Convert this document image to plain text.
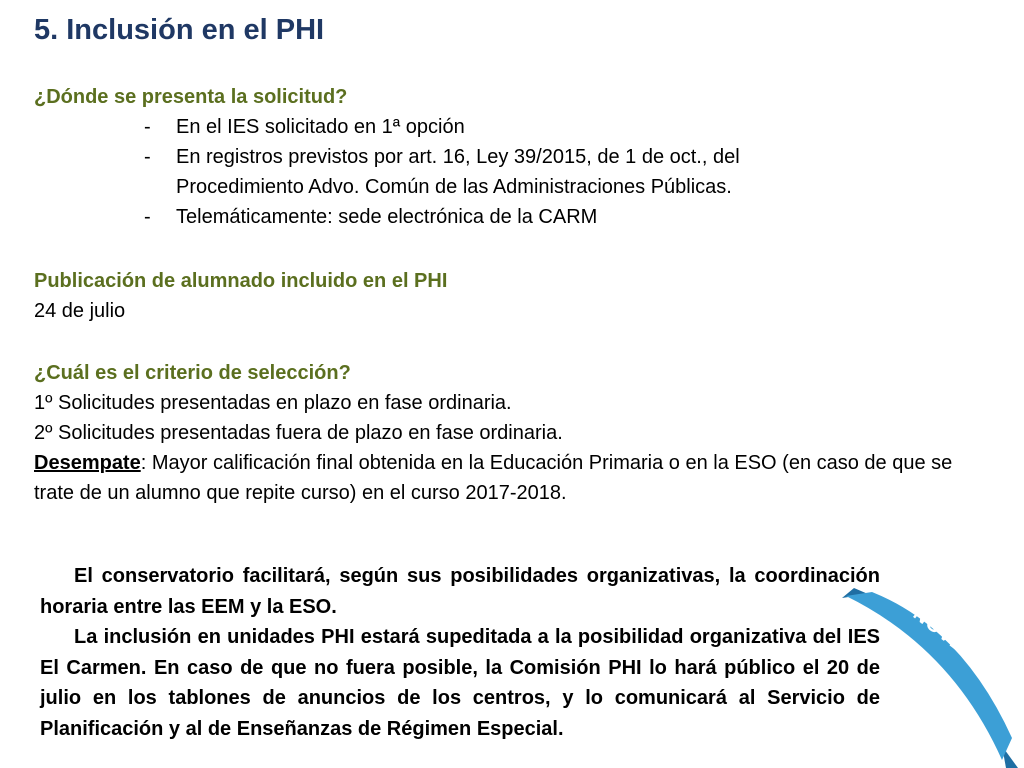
5. Inclusión en el PHI
¿Dónde se presenta la solicitud?
- En el IES solicitado en 1ª opción
- En registros previstos por art. 16, Ley 39/2015, de 1 de oct., del Procedimiento Advo. Común de las Administraciones Públicas.
- Telemáticamente: sede electrónica de la CARM
Publicación de alumnado incluido en el PHI
24 de julio
¿Cuál es el criterio de selección?
1º Solicitudes presentadas en plazo en fase ordinaria.
2º Solicitudes presentadas fuera de plazo en fase ordinaria.
Desempate: Mayor calificación final obtenida en la Educación Primaria o en la ESO (en caso de que se trate de un alumno que repite curso) en el curso 2017-2018.

El conservatorio facilitará, según sus posibilidades organizativas, la coordinación horaria entre las EEM y la ESO.

La inclusión en unidades PHI estará supeditada a la posibilidad organizativa del IES El Carmen. En caso de que no fuera posible, la Comisión PHI lo hará público el 20 de julio en los tablones de anuncios de los centros, y lo comunicará al Servicio de Planificación y al de Enseñanzas de Régimen Especial.

NOVEDAD
